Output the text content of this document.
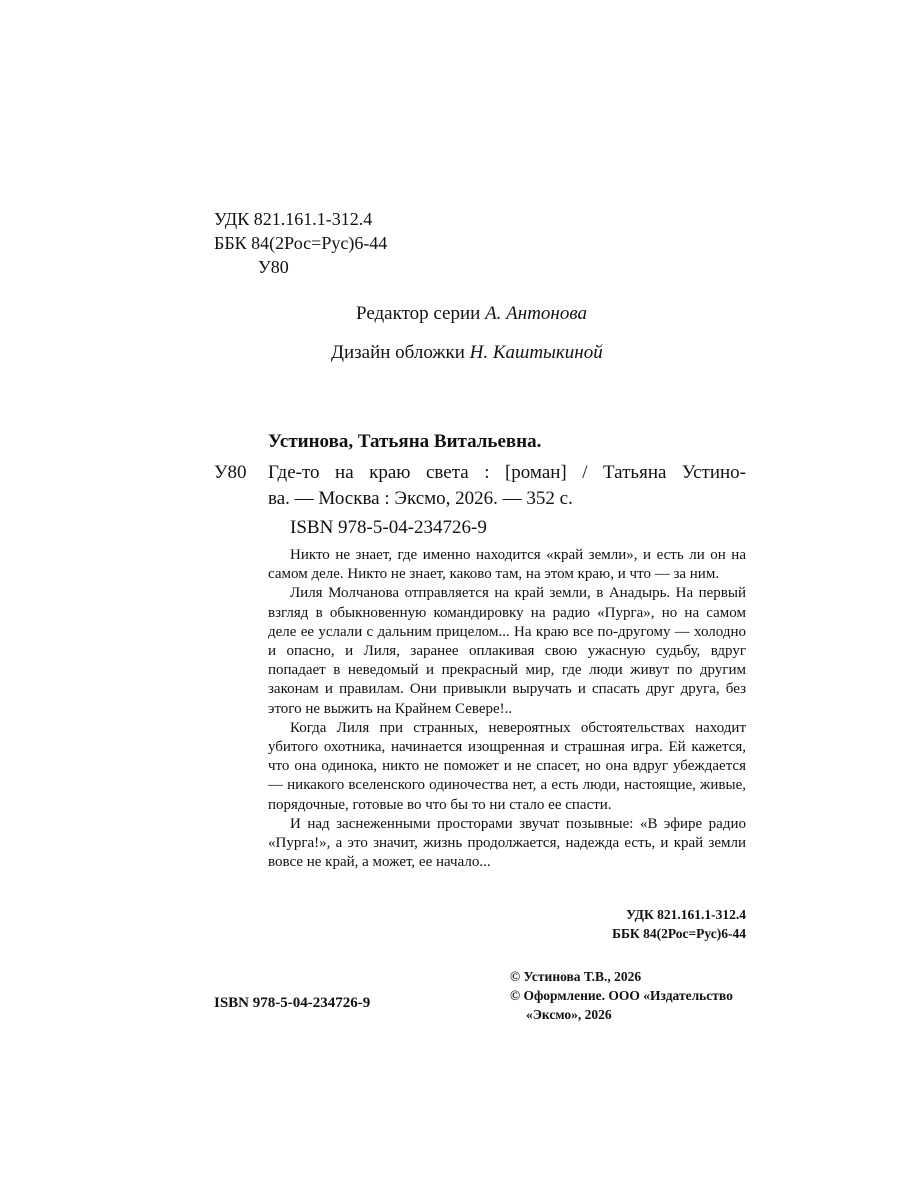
УДК 821.161.1-312.4
ББК 84(2Рос=Рус)6-44
У80
Редактор серии А. Антонова
Дизайн обложки Н. Каштыкиной
Устинова, Татьяна Витальевна.
У80 Где-то на краю света : [роман] / Татьяна Устино-
ва. — Москва : Эксмо, 2026. — 352 с.
ISBN 978-5-04-234726-9

Никто не знает, где именно находится «край земли», и есть ли он на самом деле. Никто не знает, каково там, на этом краю, и что — за ним.

Лиля Молчанова отправляется на край земли, в Анадырь. На первый взгляд в обыкновенную командировку на радио «Пурга», но на самом деле ее услали с дальним прицелом... На краю все по-другому — холодно и опасно, и Лиля, заранее оплакивая свою ужасную судьбу, вдруг попадает в неведомый и прекрасный мир, где люди живут по другим законам и правилам. Они привыкли выручать и спасать друг друга, без этого не выжить на Крайнем Севере!..

Когда Лиля при странных, невероятных обстоятельствах находит убитого охотника, начинается изощренная и страшная игра. Ей кажется, что она одинока, никто не поможет и не спасет, но она вдруг убеждается — никакого вселенского одиночества нет, а есть люди, настоящие, живые, порядочные, готовые во что бы то ни стало ее спасти.

И над заснеженными просторами звучат позывные: «В эфире радио «Пурга!», а это значит, жизнь продолжается, надежда есть, и край земли вовсе не край, а может, ее начало...

УДК 821.161.1-312.4
ББК 84(2Рос=Рус)6-44
© Устинова Т.В., 2026
© Оформление. ООО «Издательство
«Эксмо», 2026
ISBN 978-5-04-234726-9
